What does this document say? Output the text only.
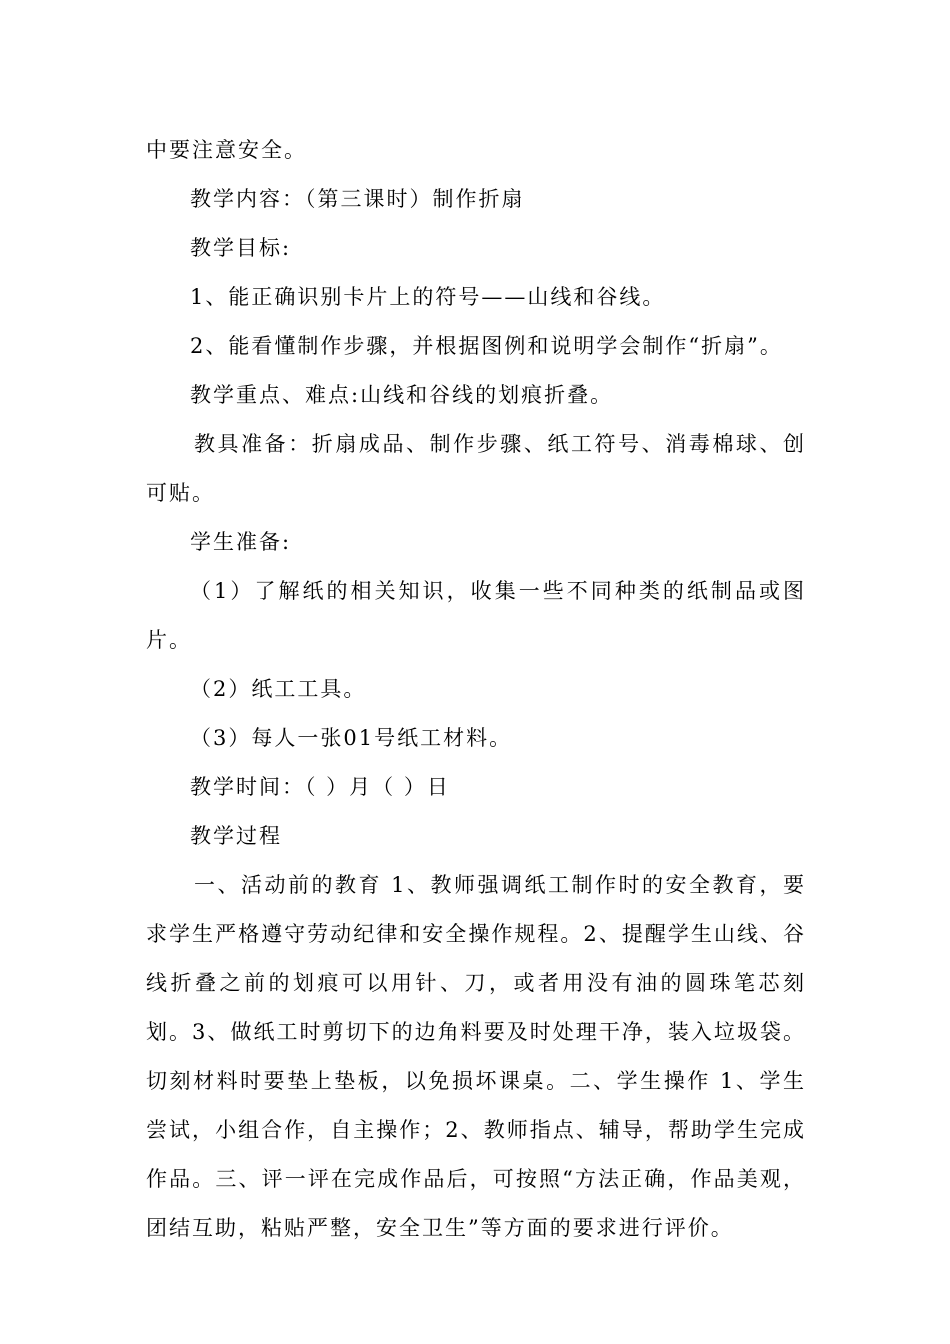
中要注意安全。

教学内容：（第三课时）制作折扇

教学目标:

1、能正确识别卡片上的符号——山线和谷线。

2、能看懂制作步骤，并根据图例和说明学会制作“折扇”。

教学重点、难点:山线和谷线的划痕折叠。

教具准备：折扇成品、制作步骤、纸工符号、消毒棉球、创可贴。

学生准备:

（1）了解纸的相关知识，收集一些不同种类的纸制品或图片。

（2）纸工工具。

（3）每人一张01号纸工材料。

教学时间：（ ）月（ ）日

教学过程

一、活动前的教育 1、教师强调纸工制作时的安全教育，要求学生严格遵守劳动纪律和安全操作规程。2、提醒学生山线、谷线折叠之前的划痕可以用针、刀，或者用没有油的圆珠笔芯刻划。3、做纸工时剪切下的边角料要及时处理干净，装入垃圾袋。切刻材料时要垫上垫板，以免损坏课桌。二、学生操作 1、学生尝试，小组合作，自主操作；2、教师指点、辅导，帮助学生完成作品。三、评一评在完成作品后，可按照“方法正确，作品美观，团结互助，粘贴严整，安全卫生”等方面的要求进行评价。
